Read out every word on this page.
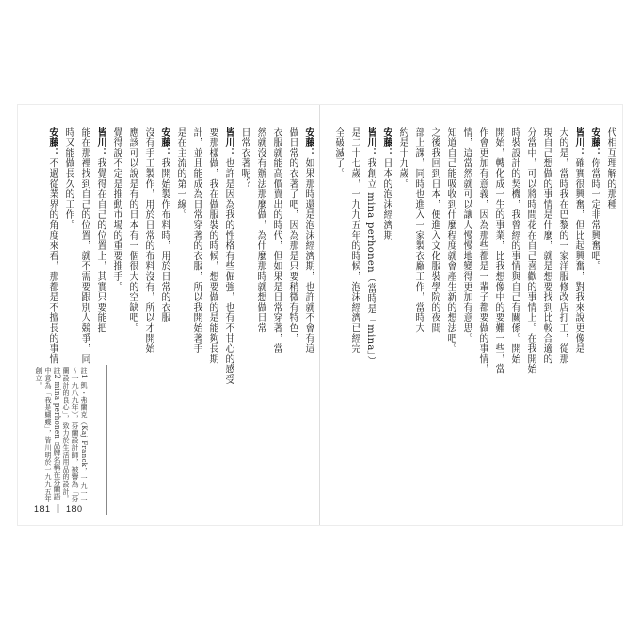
安藤：如果那時還是泡沫經濟期，也許就不會有這
做日常的衣著了吧，因為那是只要稍微有特色，
衣服就能高價賣出的時代，但如果是日常穿著，當
然就沒有辦法那麼做，為什麼那時就想做日常
日常衣著呢？
皆川：也許是因為我的性格有些倔強，也有不甘心的感受
要那樣做，我在做服裝的時候，想要做的是能夠長期
計，並且能成為日常穿著的衣服，所以我開始著手
是在主流的第一線。
安藤：我開始製作布料時，用於日常的衣服
沒有手工製作，用於日常的布料沒有，所以才開始
應該可以說是有的日本有一個很大的空缺吧。
覺得說不定是推動市場的重要推手。
皆川：我覺得在自己的位置上，其實只要能把
能在那裡找到自己的位置，就不需要跟別人競爭，同
時又能做長久的工作。
安藤：不過從業界的角度來看，那都是不擅長的事情
註1 凱・弗蘭克（Kaj Franck，一九一一～一九八九年），芬蘭設計師，被譽為「芬蘭設計的良心」，致力於生活用品的設計。註2 mina perhonen 品牌名稱在芬蘭語中意為「我是蝴蝶」，皆川明於一九九五年創立。
181 ｜ 180
代相互理解的那種
安藤：你當時一定非常興奮吧。
皆川：確實很興奮，但比起興奮，對我來說更像是
大的是，當時我在巴黎的一家洋服修改店打工，從那
現自己想做的事情是什麼，就是想要找到比較合適的
分當中，可以將時間花在自己喜歡的事情上。在我開始
時裝設計的契機，我曾經的事情與自己有關係。開始
開始，轉化成一生的事業，比我想像中的要難一些，當
作會更加有意義，因為那些都是一輩子都要做的事情，
情，這當然就可以讓人慢慢地變得更加有意思。
知道自己能吸收到什麼程度就會產生新的想法吧。
之後我回到日本，便進入文化服裝學院的夜間
部上課，同時也進入一家製衣廠工作，當時大
約是十九歲。
安藤：日本的泡沫經濟期
皆川：我創立 mina perhonen（當時是「mina」）
是二十七歲，一九九五年的時候，泡沫經濟已經完
全破滅了。
